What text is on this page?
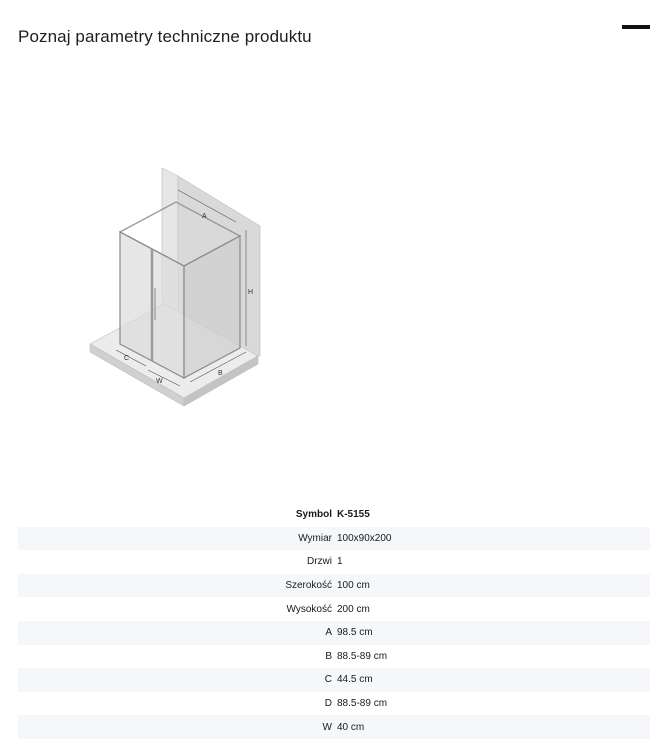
Poznaj parametry techniczne produktu
A
H
B
C
W
Symbol	K-5155
Wymiar	100x90x200
Drzwi	1
Szerokość	100 cm
Wysokość	200 cm
A	98.5 cm
B	88.5-89 cm
C	44.5 cm
D	88.5-89 cm
W	40 cm
